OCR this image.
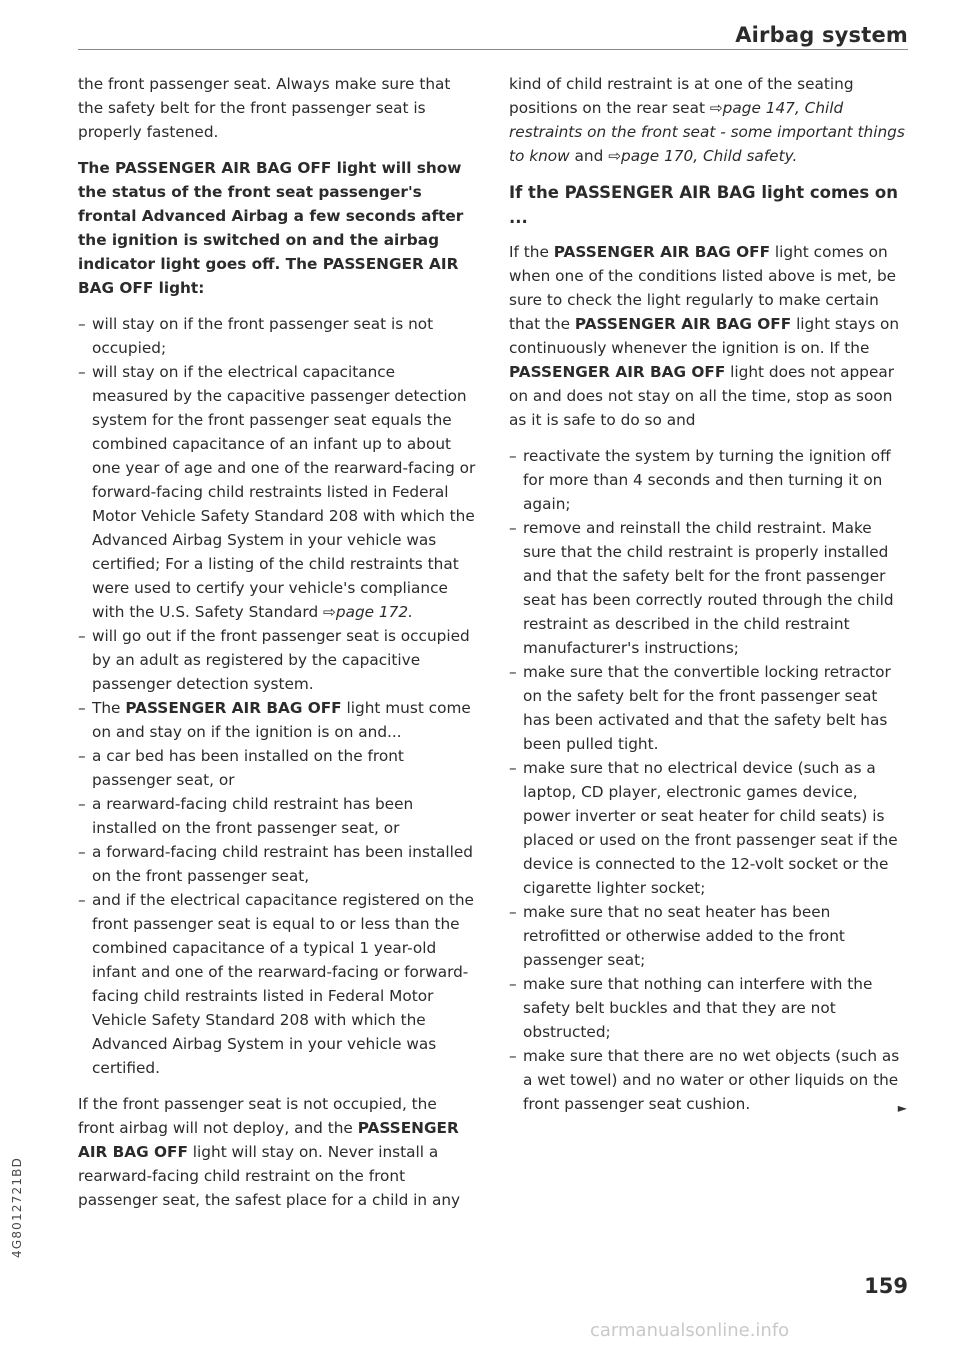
Airbag system

the front passenger seat. Always make sure that the safety belt for the front passenger seat is properly fastened.

The PASSENGER AIR BAG OFF light will show the status of the front seat passenger's frontal Advanced Airbag a few seconds after the ignition is switched on and the airbag indicator light goes off. The PASSENGER AIR BAG OFF light:

– will stay on if the front passenger seat is not occupied;
– will stay on if the electrical capacitance measured by the capacitive passenger detection system for the front passenger seat equals the combined capacitance of an infant up to about one year of age and one of the rearward-facing or forward-facing child restraints listed in Federal Motor Vehicle Safety Standard 208 with which the Advanced Airbag System in your vehicle was certified; For a listing of the child restraints that were used to certify your vehicle's compliance with the U.S. Safety Standard ⇨page 172.
– will go out if the front passenger seat is occupied by an adult as registered by the capacitive passenger detection system.
– The PASSENGER AIR BAG OFF light must come on and stay on if the ignition is on and...
– a car bed has been installed on the front passenger seat, or
– a rearward-facing child restraint has been installed on the front passenger seat, or
– a forward-facing child restraint has been installed on the front passenger seat,
– and if the electrical capacitance registered on the front passenger seat is equal to or less than the combined capacitance of a typical 1 year-old infant and one of the rearward-facing or forward-facing child restraints listed in Federal Motor Vehicle Safety Standard 208 with which the Advanced Airbag System in your vehicle was certified.

If the front passenger seat is not occupied, the front airbag will not deploy, and the PASSENGER AIR BAG OFF light will stay on. Never install a rearward-facing child restraint on the front passenger seat, the safest place for a child in any

kind of child restraint is at one of the seating positions on the rear seat ⇨page 147, Child restraints on the front seat - some important things to know and ⇨page 170, Child safety.

If the PASSENGER AIR BAG light comes on ...

If the PASSENGER AIR BAG OFF light comes on when one of the conditions listed above is met, be sure to check the light regularly to make certain that the PASSENGER AIR BAG OFF light stays on continuously whenever the ignition is on. If the PASSENGER AIR BAG OFF light does not appear on and does not stay on all the time, stop as soon as it is safe to do so and

– reactivate the system by turning the ignition off for more than 4 seconds and then turning it on again;
– remove and reinstall the child restraint. Make sure that the child restraint is properly installed and that the safety belt for the front passenger seat has been correctly routed through the child restraint as described in the child restraint manufacturer's instructions;
– make sure that the convertible locking retractor on the safety belt for the front passenger seat has been activated and that the safety belt has been pulled tight.
– make sure that no electrical device (such as a laptop, CD player, electronic games device, power inverter or seat heater for child seats) is placed or used on the front passenger seat if the device is connected to the 12-volt socket or the cigarette lighter socket;
– make sure that no seat heater has been retrofitted or otherwise added to the front passenger seat;
– make sure that nothing can interfere with the safety belt buckles and that they are not obstructed;
– make sure that there are no wet objects (such as a wet towel) and no water or other liquids on the front passenger seat cushion.	►
4G8012721BD
159
carmanualsonline.info
